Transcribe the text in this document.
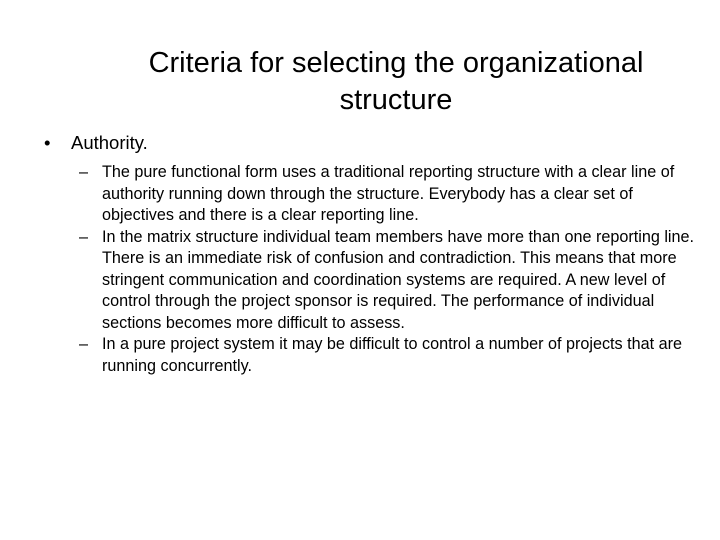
Criteria for selecting the organizational structure
• Authority.
– The pure functional form uses a traditional reporting structure with a clear line of authority running down through the structure. Everybody has a clear set of objectives and there is a clear reporting line.
– In the matrix structure individual team members have more than one reporting line. There is an immediate risk of confusion and contradiction. This means that more stringent communication and coordination systems are required. A new level of control through the project sponsor is required. The performance of individual sections becomes more difficult to assess.
– In a pure project system it may be difficult to control a number of projects that are running concurrently.
